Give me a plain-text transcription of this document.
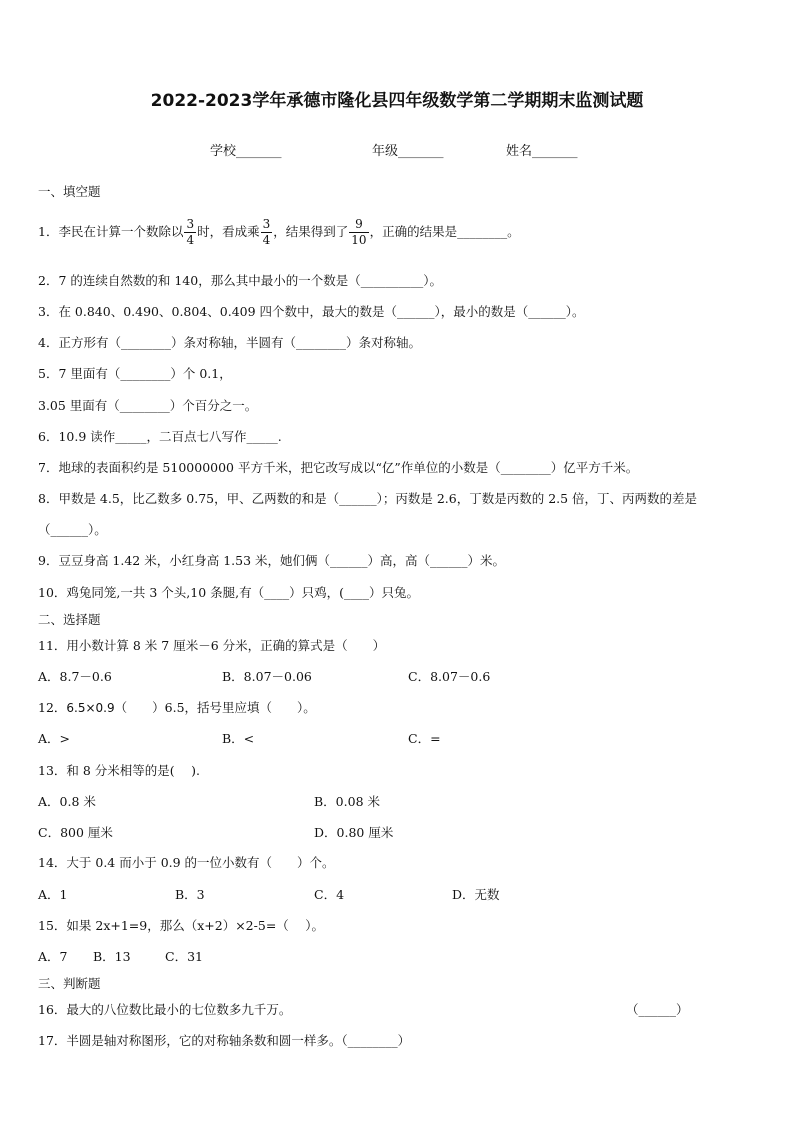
2022-2023学年承德市隆化县四年级数学第二学期期末监测试题
学校_______	年级_______	姓名_______
一、填空题
1．李民在计算一个数除以 $\frac{3}{4}$ 时，看成乘 $\frac{3}{4}$ ，结果得到了 $\frac{9}{10}$ ，正确的结果是________。
2．7 的连续自然数的和 140，那么其中最小的一个数是（__________）。
3．在 0.840、0.490、0.804、0.409 四个数中，最大的数是（______），最小的数是（______）。
4．正方形有（________）条对称轴，半圆有（________）条对称轴。
5．7 里面有（________）个 0.1，
3.05 里面有（________）个百分之一。
6．10.9 读作_____，二百点七八写作_____.
7．地球的表面积约是 510000000 平方千米，把它改写成以“亿”作单位的小数是（________）亿平方千米。
8．甲数是 4.5，比乙数多 0.75，甲、乙两数的和是（______）；丙数是 2.6，丁数是丙数的 2.5 倍，丁、丙两数的差是
（______）。
9．豆豆身高 1.42 米，小红身高 1.53 米，她们俩（______）高，高（______）米。
10．鸡兔同笼,一共 3 个头,10 条腿,有（____）只鸡，(____）只兔。
二、选择题
11．用小数计算 8 米 7 厘米－6 分米，正确的算式是（　　）
A．8.7－0.6	B．8.07－0.06	C．8.07－0.6
12．6.5×0.9（　　）6.5，括号里应填（　　）。
A．>	B．<	C．=
13．和 8 分米相等的是(　 ).
A．0.8 米	B．0.08 米
C．800 厘米	D．0.80 厘米
14．大于 0.4 而小于 0.9 的一位小数有（　　）个。
A．1	B．3	C．4	D．无数
15．如果 2x+1=9，那么（x+2）×2-5=（　 ）。
A．7 B．13	C．31
三、判断题
16．最大的八位数比最小的七位数多九千万。	（______）
17．半圆是轴对称图形，它的对称轴条数和圆一样多。（________）
